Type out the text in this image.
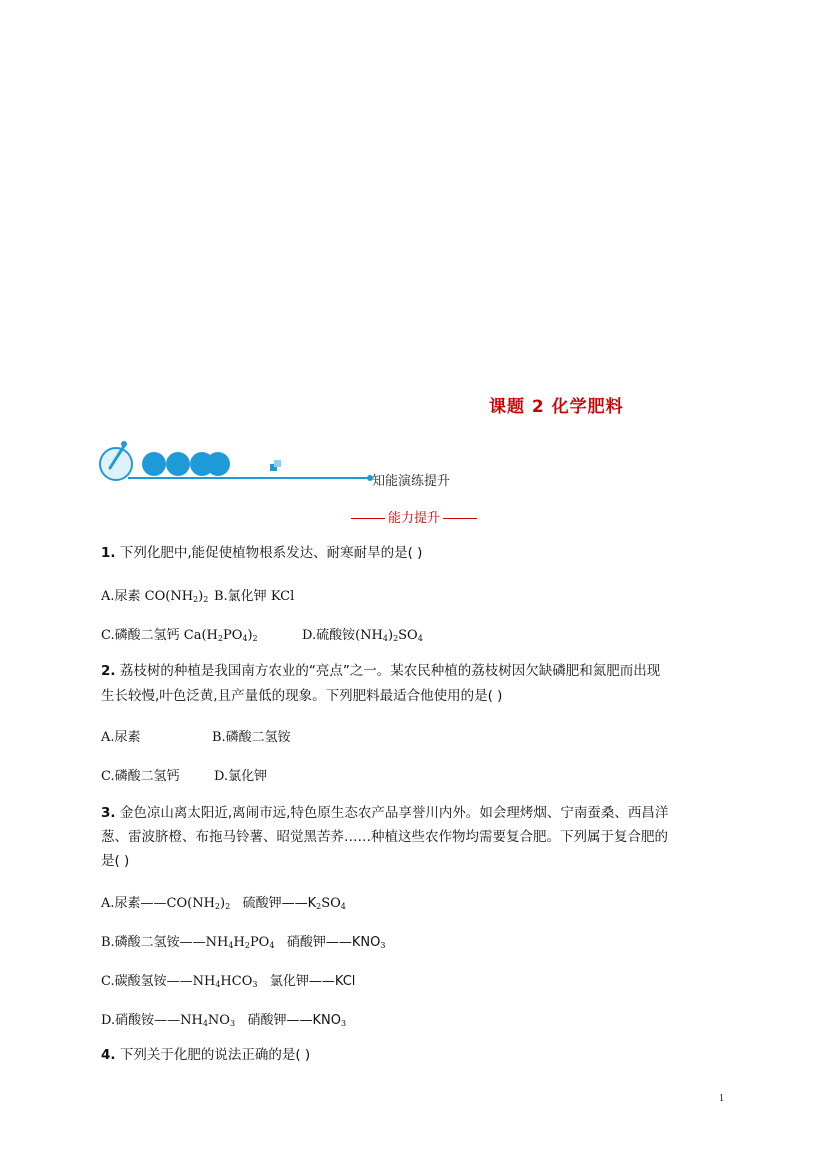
课题 2 化学肥料
知能演练提升
能力提升
1. 下列化肥中,能促使植物根系发达、耐寒耐旱的是( )
A.尿素 $CO(NH_2)_2$ B.氯化钾 KCl
C.磷酸二氢钙 $Ca(H_2PO_4)_2$	D.硫酸铵$(NH_4)_2SO_4$
2. 荔枝树的种植是我国南方农业的“亮点”之一。某农民种植的荔枝树因欠缺磷肥和氮肥而出现
生长较慢,叶色泛黄,且产量低的现象。下列肥料最适合他使用的是( )
A.尿素	B.磷酸二氢铵
C.磷酸二氢钙	D.氯化钾
3. 金色凉山离太阳近,离闹市远,特色原生态农产品享誉川内外。如会理烤烟、宁南蚕桑、西昌洋
葱、雷波脐橙、布拖马铃薯、昭觉黑苦荞……种植这些农作物均需要复合肥。下列属于复合肥的
是( )
A.尿素$——CO(NH_2)_2$ 硫酸钾$——K_2SO_4$
B.磷酸二氢铵$——NH_4H_2PO_4$ 硝酸钾$——KNO_3$
C.碳酸氢铵$——NH_4HCO_3$ 氯化钾——KCl
D.硝酸铵$——NH_4NO_3$ 硝酸钾$——KNO_3$
4. 下列关于化肥的说法正确的是( )
1
